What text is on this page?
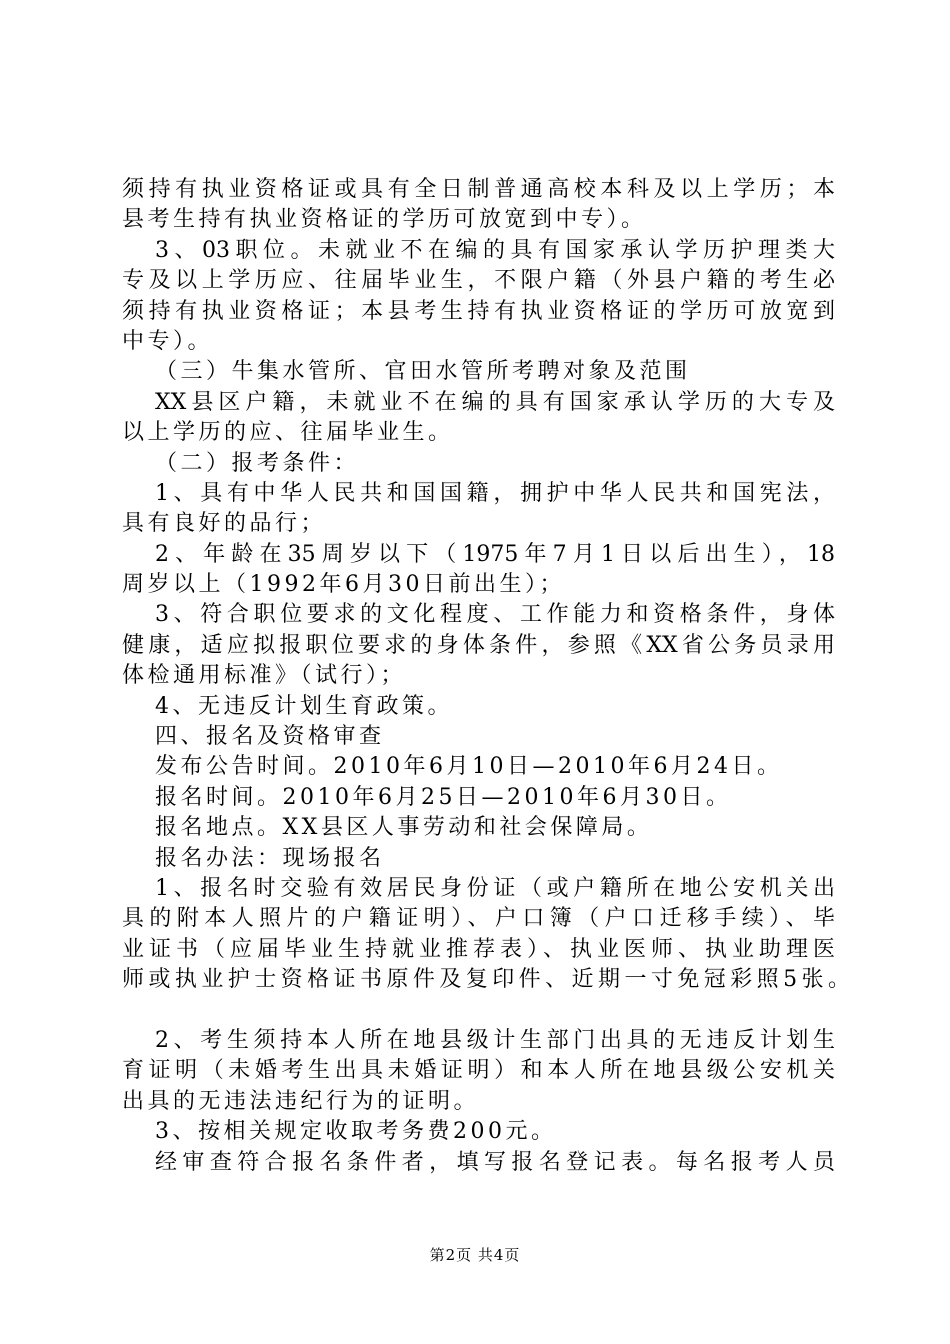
须持有执业资格证或具有全日制普通高校本科及以上学历；本
县考生持有执业资格证的学历可放宽到中专）。
3、03职位。未就业不在编的具有国家承认学历护理类大
专及以上学历应、往届毕业生，不限户籍（外县户籍的考生必
须持有执业资格证；本县考生持有执业资格证的学历可放宽到
中专）。
（三）牛集水管所、官田水管所考聘对象及范围
XX县区户籍，未就业不在编的具有国家承认学历的大专及
以上学历的应、往届毕业生。
（二）报考条件：
1、具有中华人民共和国国籍，拥护中华人民共和国宪法，
具有良好的品行；
2、年龄在35周岁以下（1975年7月1日以后出生），18
周岁以上（1992年6月30日前出生）；
3、符合职位要求的文化程度、工作能力和资格条件，身体
健康，适应拟报职位要求的身体条件，参照《XX省公务员录用
体检通用标准》（试行）；
4、无违反计划生育政策。
四、报名及资格审查
发布公告时间。2010年6月10日—2010年6月24日。
报名时间。2010年6月25日—2010年6月30日。
报名地点。XX县区人事劳动和社会保障局。
报名办法：现场报名
1、报名时交验有效居民身份证（或户籍所在地公安机关出
具的附本人照片的户籍证明）、户口簿（户口迁移手续）、毕
业证书（应届毕业生持就业推荐表）、执业医师、执业助理医
师或执业护士资格证书原件及复印件、近期一寸免冠彩照5张。
2、考生须持本人所在地县级计生部门出具的无违反计划生
育证明（未婚考生出具未婚证明）和本人所在地县级公安机关
出具的无违法违纪行为的证明。
3、按相关规定收取考务费200元。
经审查符合报名条件者，填写报名登记表。每名报考人员
第2页 共4页
